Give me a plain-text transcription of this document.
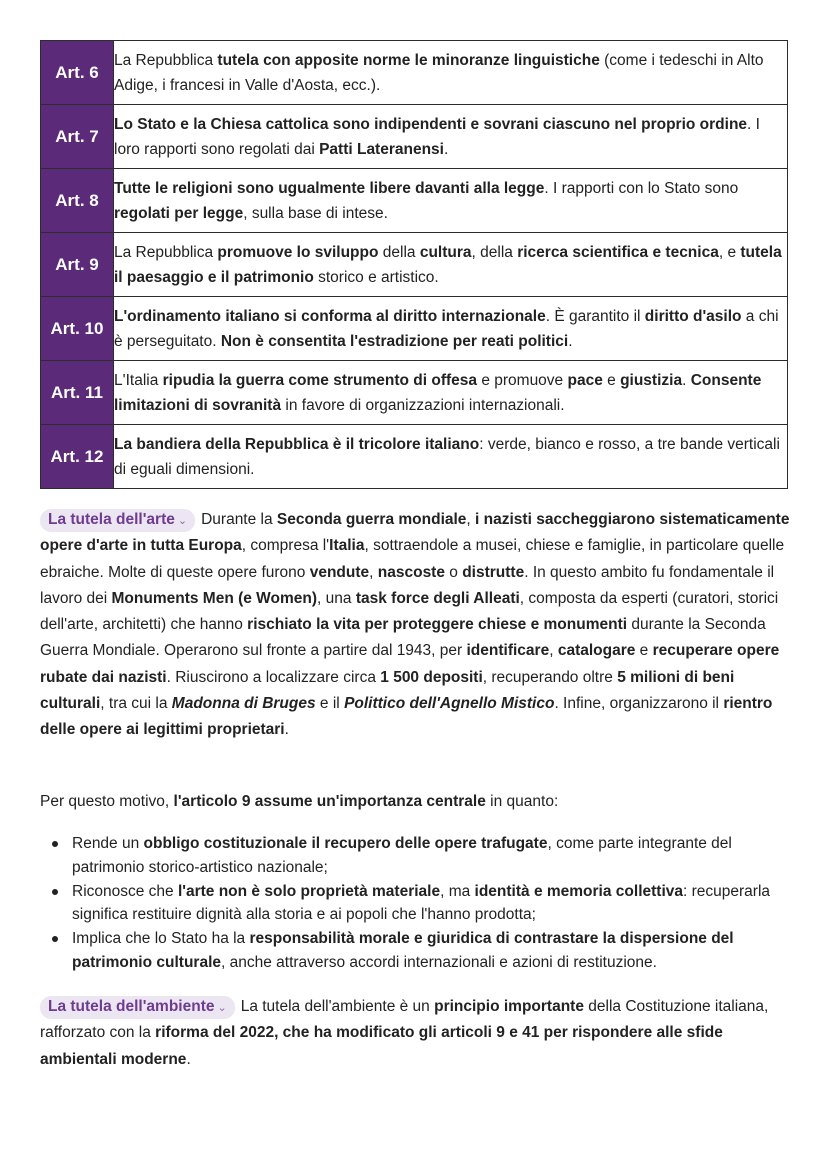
Art. 6	La Repubblica tutela con apposite norme le minoranze linguistiche (come i tedeschi in Alto Adige, i francesi in Valle d'Aosta, ecc.).
Art. 7	Lo Stato e la Chiesa cattolica sono indipendenti e sovrani ciascuno nel proprio ordine. I loro rapporti sono regolati dai Patti Lateranensi.
Art. 8	Tutte le religioni sono ugualmente libere davanti alla legge. I rapporti con lo Stato sono regolati per legge, sulla base di intese.
Art. 9	La Repubblica promuove lo sviluppo della cultura, della ricerca scientifica e tecnica, e tutela il paesaggio e il patrimonio storico e artistico.
Art. 10	L'ordinamento italiano si conforma al diritto internazionale. È garantito il diritto d'asilo a chi è perseguitato. Non è consentita l'estradizione per reati politici.
Art. 11	L'Italia ripudia la guerra come strumento di offesa e promuove pace e giustizia. Consente limitazioni di sovranità in favore di organizzazioni internazionali.
Art. 12	La bandiera della Repubblica è il tricolore italiano: verde, bianco e rosso, a tre bande verticali di eguali dimensioni.

La tutela dell'arte ⌄ Durante la Seconda guerra mondiale, i nazisti saccheggiarono sistematicamente opere d'arte in tutta Europa, compresa l'Italia, sottraendole a musei, chiese e famiglie, in particolare quelle ebraiche. Molte di queste opere furono vendute, nascoste o distrutte. In questo ambito fu fondamentale il lavoro dei Monuments Men (e Women), una task force degli Alleati, composta da esperti (curatori, storici dell'arte, architetti) che hanno rischiato la vita per proteggere chiese e monumenti durante la Seconda Guerra Mondiale. Operarono sul fronte a partire dal 1943, per identificare, catalogare e recuperare opere rubate dai nazisti. Riuscirono a localizzare circa 1 500 depositi, recuperando oltre 5 milioni di beni culturali, tra cui la Madonna di Bruges e il Polittico dell'Agnello Mistico. Infine, organizzarono il rientro delle opere ai legittimi proprietari.

Per questo motivo, l'articolo 9 assume un'importanza centrale in quanto:

Rende un obbligo costituzionale il recupero delle opere trafugate, come parte integrante del patrimonio storico-artistico nazionale;
Riconosce che l'arte non è solo proprietà materiale, ma identità e memoria collettiva: recuperarla significa restituire dignità alla storia e ai popoli che l'hanno prodotta;
Implica che lo Stato ha la responsabilità morale e giuridica di contrastare la dispersione del patrimonio culturale, anche attraverso accordi internazionali e azioni di restituzione.

La tutela dell'ambiente ⌄ La tutela dell'ambiente è un principio importante della Costituzione italiana, rafforzato con la riforma del 2022, che ha modificato gli articoli 9 e 41 per rispondere alle sfide ambientali moderne.
